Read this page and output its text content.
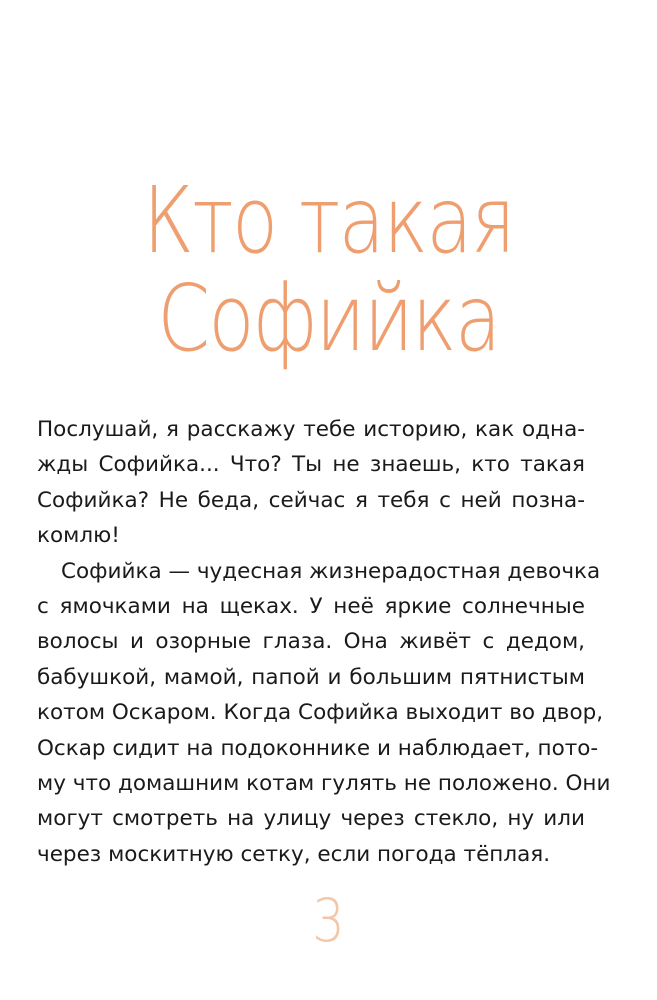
Кто такая
Софийка
Послушай, я расскажу тебе историю, как одна-
жды Софийка... Что? Ты не знаешь, кто такая
Софийка? Не беда, сейчас я тебя с ней позна-
комлю!
Софийка — чудесная жизнерадостная девочка
с ямочками на щеках. У неё яркие солнечные
волосы и озорные глаза. Она живёт с дедом,
бабушкой, мамой, папой и большим пятнистым
котом Оскаром. Когда Софийка выходит во двор,
Оскар сидит на подоконнике и наблюдает, пото-
му что домашним котам гулять не положено. Они
могут смотреть на улицу через стекло, ну или
через москитную сетку, если погода тёплая.
3
